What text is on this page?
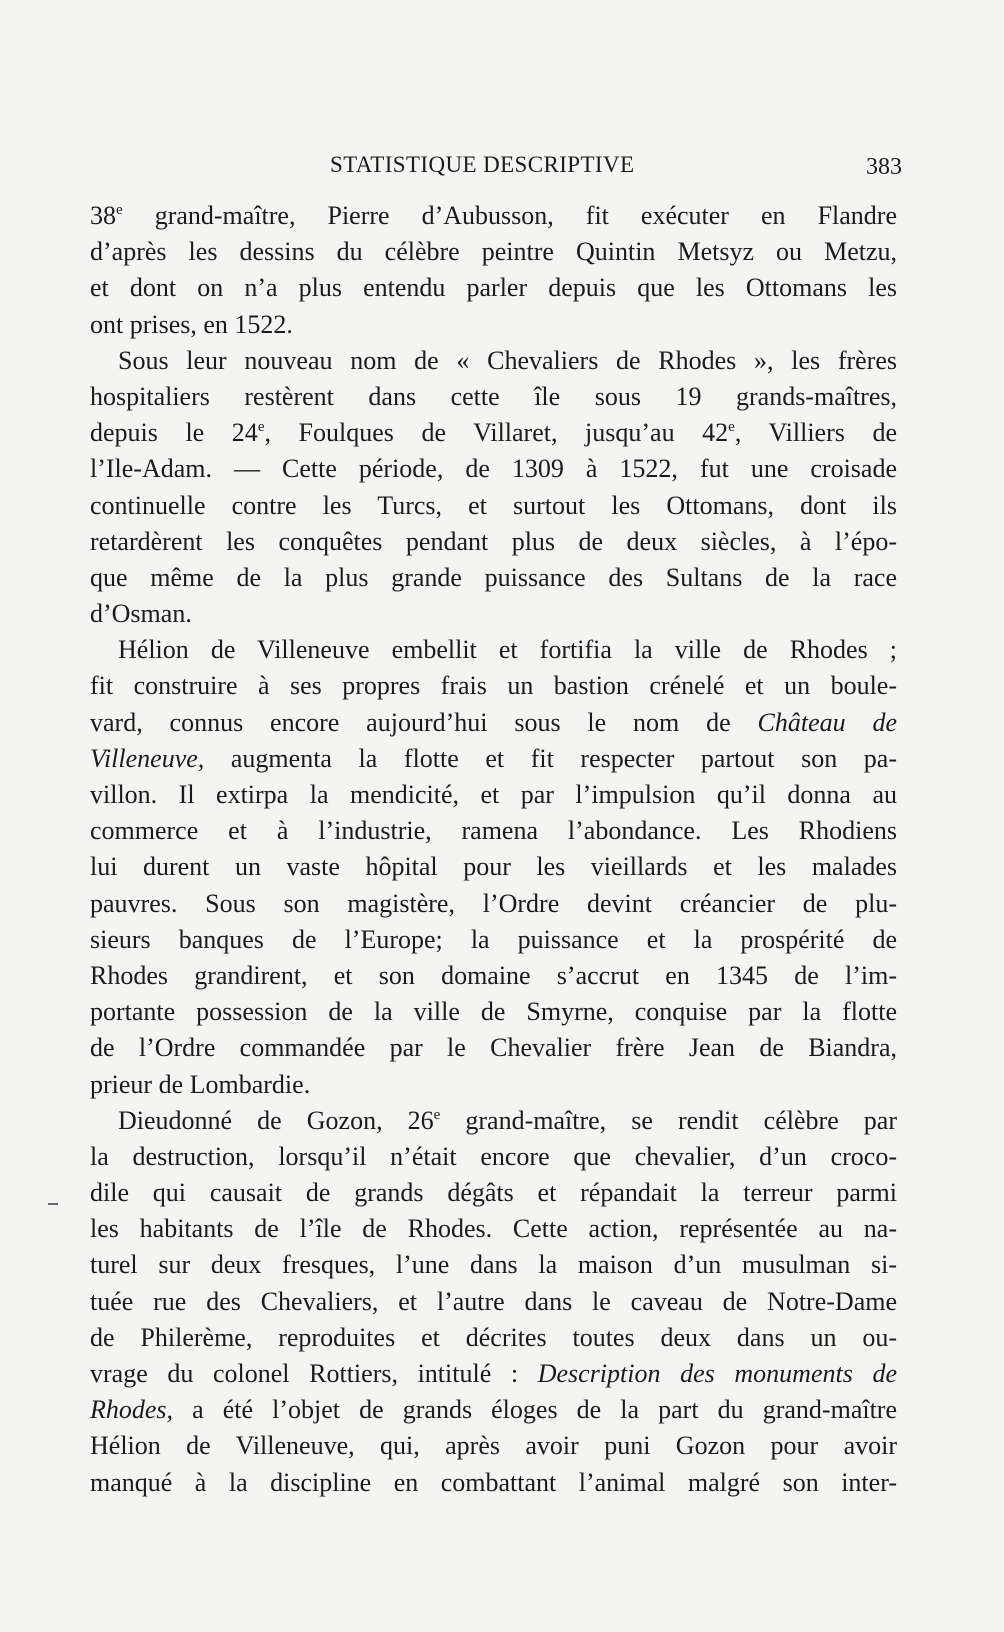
STATISTIQUE DESCRIPTIVE	383
38e grand-maître, Pierre d’Aubusson, fit exécuter en Flandre
d’après les dessins du célèbre peintre Quintin Metsyz ou Metzu,
et dont on n’a plus entendu parler depuis que les Ottomans les
ont prises, en 1522.
Sous leur nouveau nom de « Chevaliers de Rhodes », les frères
hospitaliers restèrent dans cette île sous 19 grands-maîtres,
depuis le 24e, Foulques de Villaret, jusqu’au 42e, Villiers de
l’Ile-Adam. — Cette période, de 1309 à 1522, fut une croisade
continuelle contre les Turcs, et surtout les Ottomans, dont ils
retardèrent les conquêtes pendant plus de deux siècles, à l’épo-
que même de la plus grande puissance des Sultans de la race
d’Osman.
Hélion de Villeneuve embellit et fortifia la ville de Rhodes ;
fit construire à ses propres frais un bastion crénelé et un boule-
vard, connus encore aujourd’hui sous le nom de Château de
Villeneuve, augmenta la flotte et fit respecter partout son pa-
villon. Il extirpa la mendicité, et par l’impulsion qu’il donna au
commerce et à l’industrie, ramena l’abondance. Les Rhodiens
lui durent un vaste hôpital pour les vieillards et les malades
pauvres. Sous son magistère, l’Ordre devint créancier de plu-
sieurs banques de l’Europe; la puissance et la prospérité de
Rhodes grandirent, et son domaine s’accrut en 1345 de l’im-
portante possession de la ville de Smyrne, conquise par la flotte
de l’Ordre commandée par le Chevalier frère Jean de Biandra,
prieur de Lombardie.
Dieudonné de Gozon, 26e grand-maître, se rendit célèbre par
la destruction, lorsqu’il n’était encore que chevalier, d’un croco-
dile qui causait de grands dégâts et répandait la terreur parmi
les habitants de l’île de Rhodes. Cette action, représentée au na-
turel sur deux fresques, l’une dans la maison d’un musulman si-
tuée rue des Chevaliers, et l’autre dans le caveau de Notre-Dame
de Philerème, reproduites et décrites toutes deux dans un ou-
vrage du colonel Rottiers, intitulé : Description des monuments de
Rhodes, a été l’objet de grands éloges de la part du grand-maître
Hélion de Villeneuve, qui, après avoir puni Gozon pour avoir
manqué à la discipline en combattant l’animal malgré son inter-
